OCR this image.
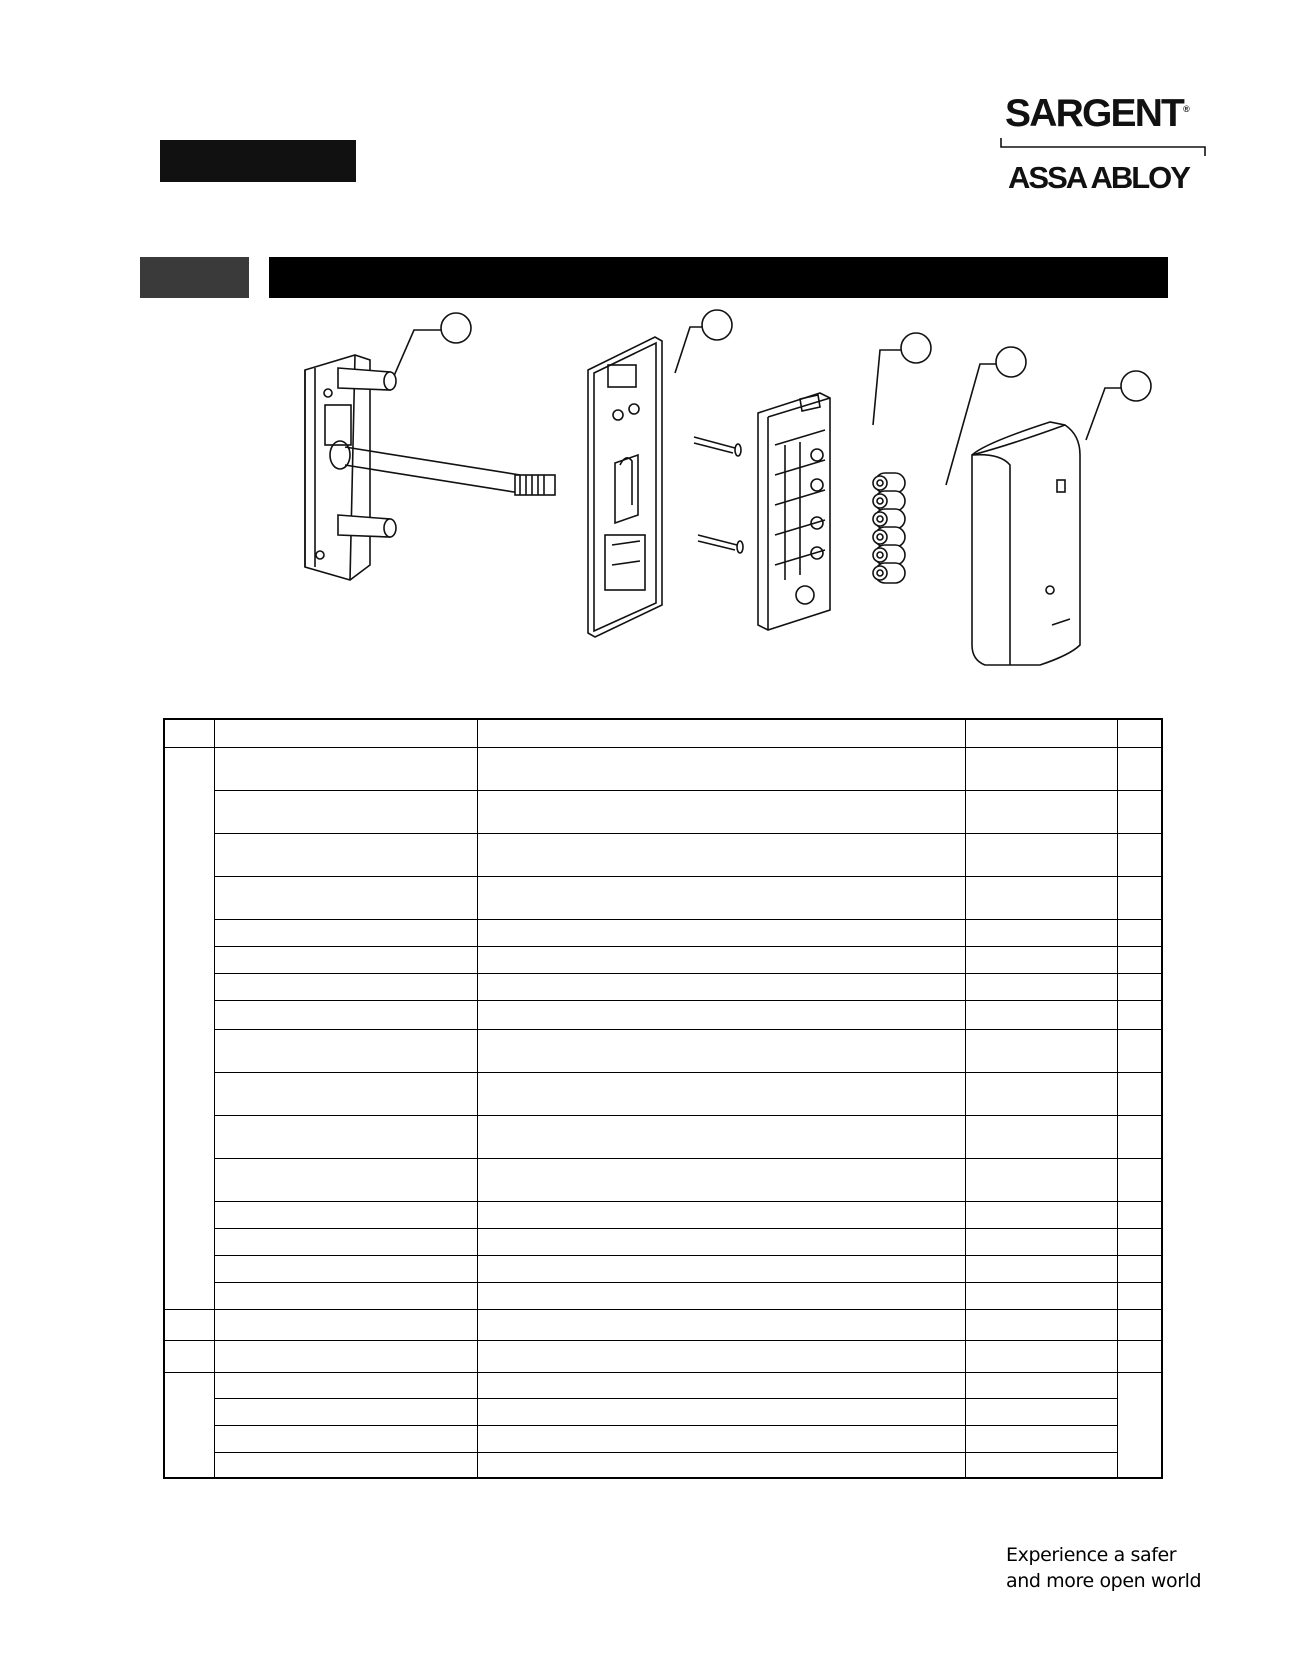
SARGENT®
ASSA ABLOY

Experience a safer
and more open world
